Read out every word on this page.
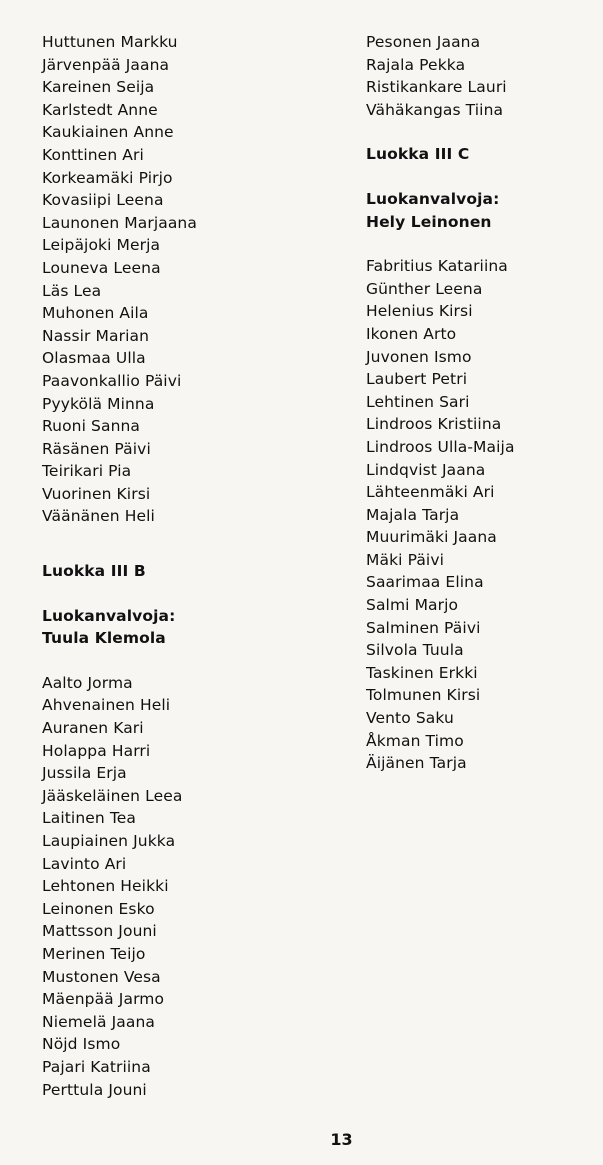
Huttunen Markku
Järvenpää Jaana
Kareinen Seija
Karlstedt Anne
Kaukiainen Anne
Konttinen Ari
Korkeamäki Pirjo
Kovasiipi Leena
Launonen Marjaana
Leipäjoki Merja
Louneva Leena
Läs Lea
Muhonen Aila
Nassir Marian
Olasmaa Ulla
Paavonkallio Päivi
Pyykölä Minna
Ruoni Sanna
Räsänen Päivi
Teirikari Pia
Vuorinen Kirsi
Väänänen Heli
Luokka III B
Luokanvalvoja:
Tuula Klemola
Aalto Jorma
Ahvenainen Heli
Auranen Kari
Holappa Harri
Jussila Erja
Jääskeläinen Leea
Laitinen Tea
Laupiainen Jukka
Lavinto Ari
Lehtonen Heikki
Leinonen Esko
Mattsson Jouni
Merinen Teijo
Mustonen Vesa
Mäenpää Jarmo
Niemelä Jaana
Nöjd Ismo
Pajari Katriina
Perttula Jouni
Pesonen Jaana
Rajala Pekka
Ristikankare Lauri
Vähäkangas Tiina
Luokka III C
Luokanvalvoja:
Hely Leinonen
Fabritius Katariina
Günther Leena
Helenius Kirsi
Ikonen Arto
Juvonen Ismo
Laubert Petri
Lehtinen Sari
Lindroos Kristiina
Lindroos Ulla-Maija
Lindqvist Jaana
Lähteenmäki Ari
Majala Tarja
Muurimäki Jaana
Mäki Päivi
Saarimaa Elina
Salmi Marjo
Salminen Päivi
Silvola Tuula
Taskinen Erkki
Tolmunen Kirsi
Vento Saku
Åkman Timo
Äijänen Tarja
13
